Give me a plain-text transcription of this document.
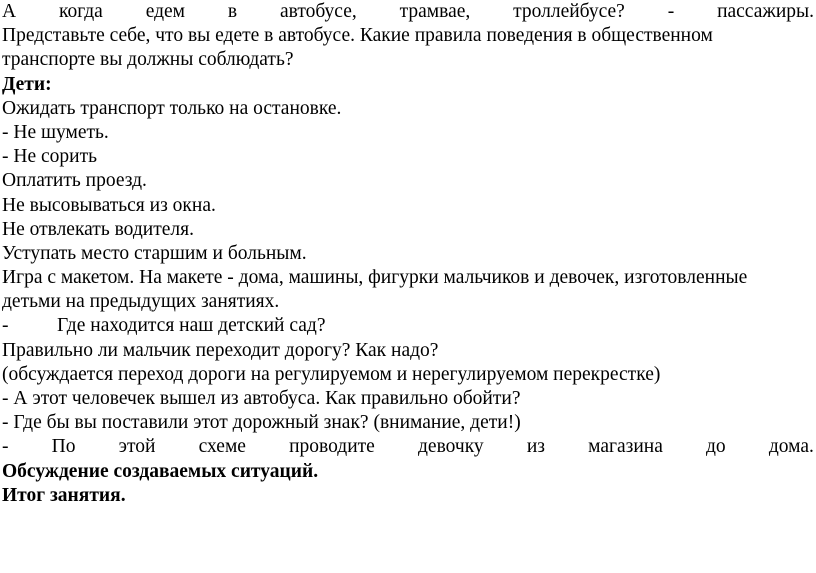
А когда едем в автобусе, трамвае, троллейбусе? - пассажиры.
Представьте себе, что вы едете в автобусе. Какие правила поведения в общественном
транспорте вы должны соблюдать?
Дети:
Ожидать транспорт только на остановке.
- Не шуметь.
- Не сорить
Оплатить проезд.
Не высовываться из окна.
Не отвлекать водителя.
Уступать место старшим и больным.
Игра с макетом. На макете - дома, машины, фигурки мальчиков и девочек, изготовленные
детьми на предыдущих занятиях.
-	Где находится наш детский сад?
Правильно ли мальчик переходит дорогу? Как надо?
(обсуждается переход дороги на регулируемом и нерегулируемом перекрестке)
- А этот человечек вышел из автобуса. Как правильно обойти?
- Где бы вы поставили этот дорожный знак? (внимание, дети!)
- По этой схеме проводите девочку из магазина до дома.
Обсуждение создаваемых ситуаций.
Итог занятия.
